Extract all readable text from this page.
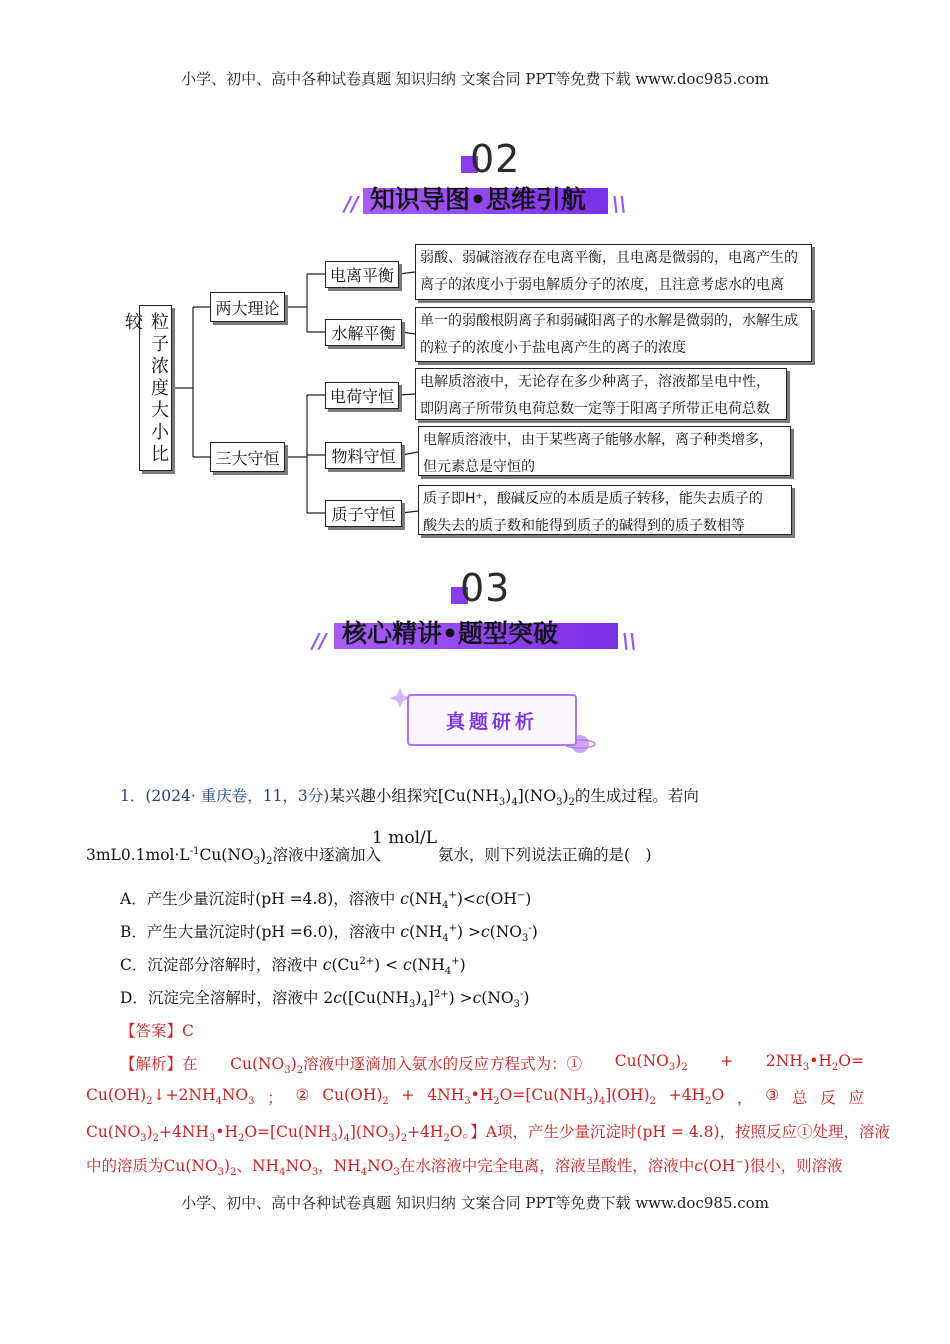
小学、初中、高中各种试卷真题 知识归纳 文案合同 PPT等免费下载 www.doc985.com
02
//	\\
知识导图•思维引航
粒子浓度大小比较
两大理论
三大守恒
电离平衡
水解平衡
电荷守恒
物料守恒
质子守恒
弱酸、弱碱溶液存在电离平衡，且电离是微弱的，电离产生的
离子的浓度小于弱电解质分子的浓度，且注意考虑水的电离
单一的弱酸根阴离子和弱碱阳离子的水解是微弱的，水解生成
的粒子的浓度小于盐电离产生的离子的浓度
电解质溶液中，无论存在多少种离子，溶液都呈电中性，
即阴离子所带负电荷总数一定等于阳离子所带正电荷总数
电解质溶液中，由于某些离子能够水解，离子种类增多，
但元素总是守恒的
质子即H⁺，酸碱反应的本质是质子转移，能失去质子的
酸失去的质子数和能得到质子的碱得到的质子数相等
03
//	\\
核心精讲•题型突破
真题研析
1．(2024· 重庆卷，11，3分)某兴趣小组探究$[Cu(NH_3)_4](NO_3)_2$的生成过程。若向
1 mol/L
$3mL0.1mol\cdot L^{-1}Cu(NO_3)_2$溶液中逐滴加入	氨水，则下列说法正确的是(　)
A．产生少量沉淀时(pH =4.8)，溶液中 $c(NH_4^+)<c(OH^-)$
B．产生大量沉淀时(pH =6.0)，溶液中 $c(NH_4^+) >c(NO_3^-)$
C．沉淀部分溶解时，溶液中 $c(Cu^{2+}) < c(NH_4^+)$
D．沉淀完全溶解时，溶液中 $2c([Cu(NH_3)_4]^{2+}) >c(NO_3^-)$
【答案】C
【解析】在 $Cu(NO_3)_2$溶液中逐滴加入氨水的反应方程式为：① $Cu(NO_3)_2$ + $2NH_3•H_2O=$
$Cu(OH)_2↓+2NH_4NO_3$ ； ② $Cu(OH)_2$ + $4NH_3•H_2O=[Cu(NH_3)_4](OH)_2 +4H_2O$ ， ③ 总 反 应
$Cu(NO_3)_2+4NH_3•H_2O=[Cu(NH_3)_4](NO_3)_2+4H_2O$。】A项，产生少量沉淀时(pH = 4.8)，按照反应①处理，溶液
中的溶质为$Cu(NO_3)_2$、$NH_4NO_3$，$NH_4NO_3$在水溶液中完全电离，溶液呈酸性，溶液中c(OH−)很小，则溶液
小学、初中、高中各种试卷真题 知识归纳 文案合同 PPT等免费下载 www.doc985.com
